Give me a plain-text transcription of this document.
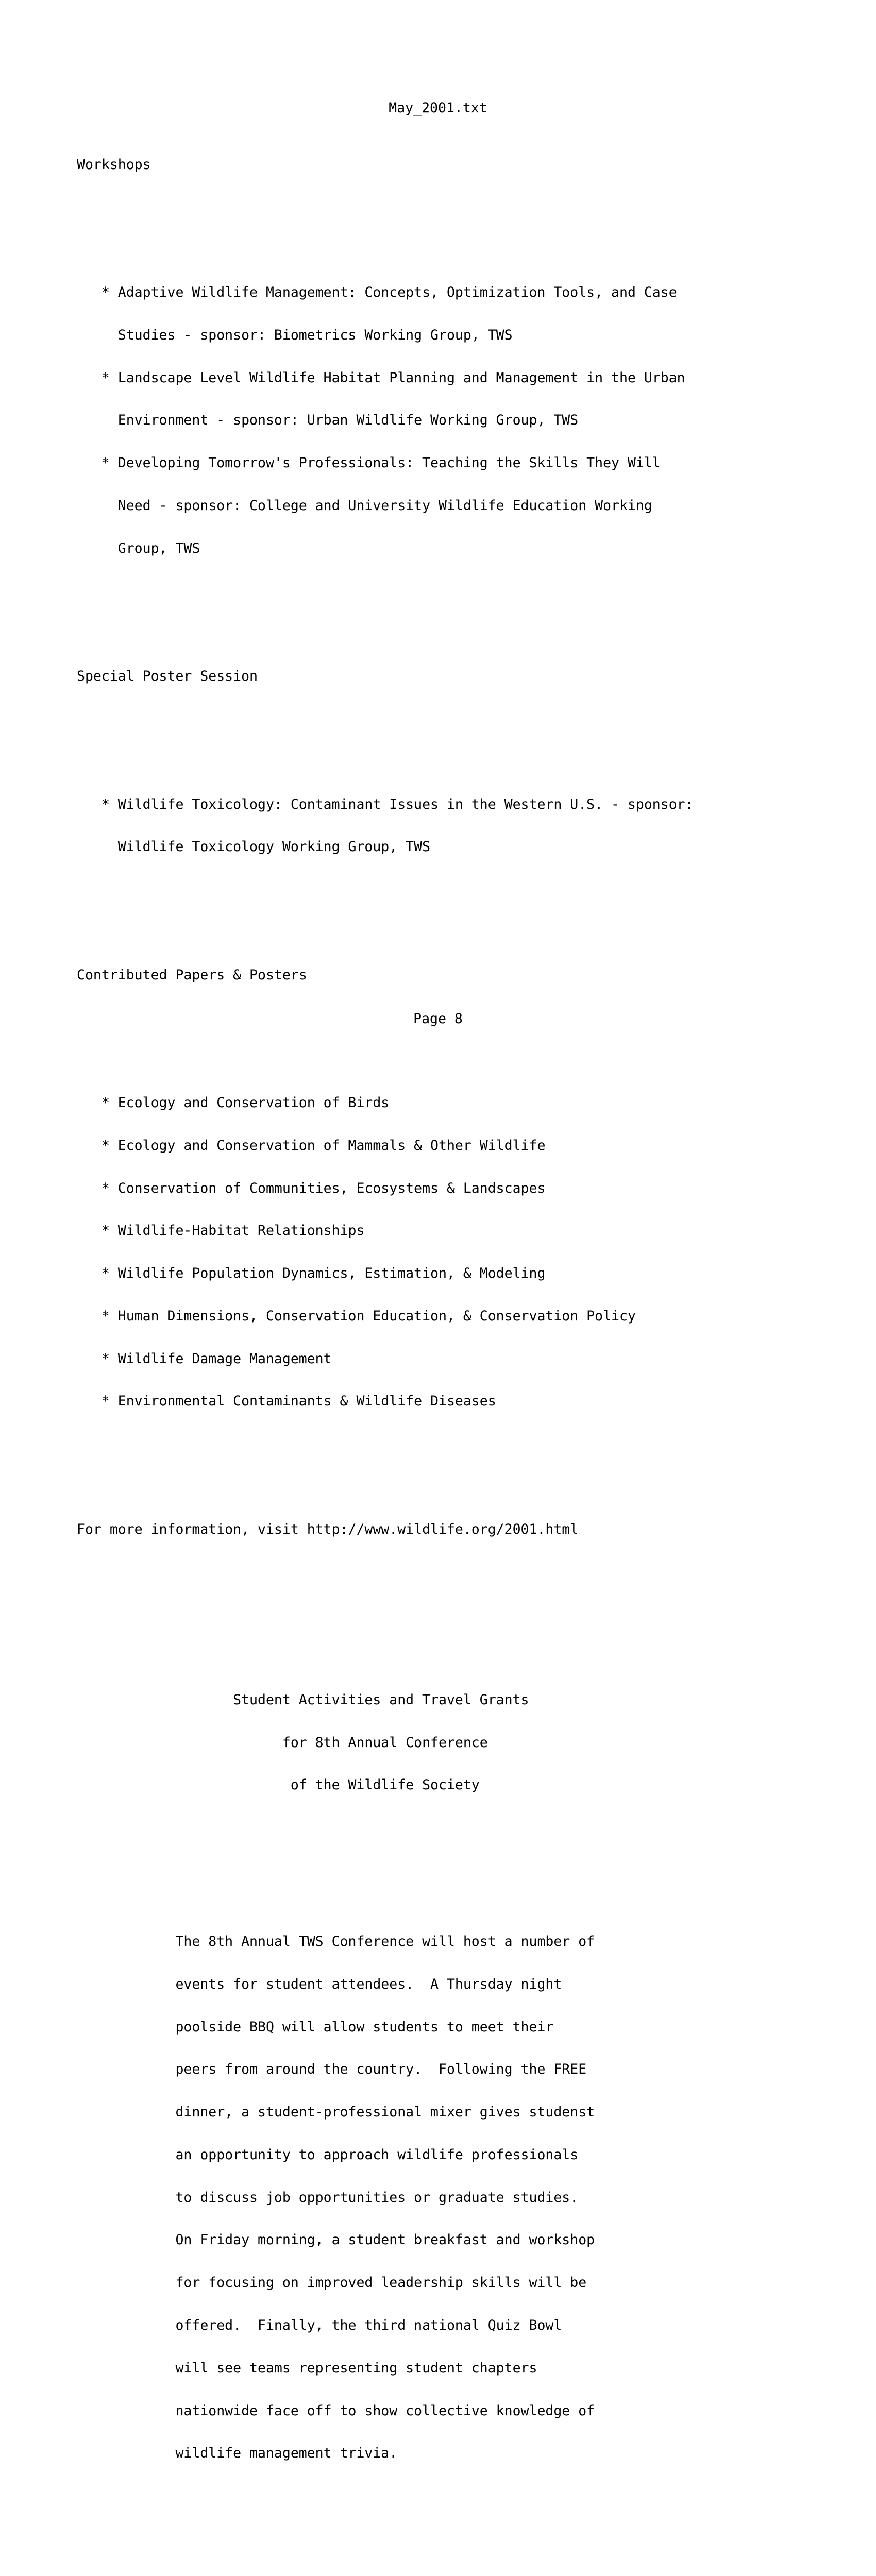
May_2001.txt

Workshops

* Adaptive Wildlife Management: Concepts, Optimization Tools, and Case

Studies - sponsor: Biometrics Working Group, TWS

* Landscape Level Wildlife Habitat Planning and Management in the Urban

Environment - sponsor: Urban Wildlife Working Group, TWS

* Developing Tomorrow's Professionals: Teaching the Skills They Will

Need - sponsor: College and University Wildlife Education Working

Group, TWS

Special Poster Session

* Wildlife Toxicology: Contaminant Issues in the Western U.S. - sponsor:

Wildlife Toxicology Working Group, TWS

Contributed Papers & Posters

* Ecology and Conservation of Birds

* Ecology and Conservation of Mammals & Other Wildlife

* Conservation of Communities, Ecosystems & Landscapes

* Wildlife-Habitat Relationships

* Wildlife Population Dynamics, Estimation, & Modeling

* Human Dimensions, Conservation Education, & Conservation Policy

* Wildlife Damage Management

* Environmental Contaminants & Wildlife Diseases

For more information, visit http://www.wildlife.org/2001.html

Student Activities and Travel Grants

for 8th Annual Conference

of the Wildlife Society

The 8th Annual TWS Conference will host a number of

events for student attendees.  A Thursday night

poolside BBQ will allow students to meet their

peers from around the country.  Following the FREE

dinner, a student-professional mixer gives studenst

an opportunity to approach wildlife professionals

to discuss job opportunities or graduate studies.

On Friday morning, a student breakfast and workshop

for focusing on improved leadership skills will be

offered.  Finally, the third national Quiz Bowl

will see teams representing student chapters

nationwide face off to show collective knowledge of

wildlife management trivia.

Page 8
